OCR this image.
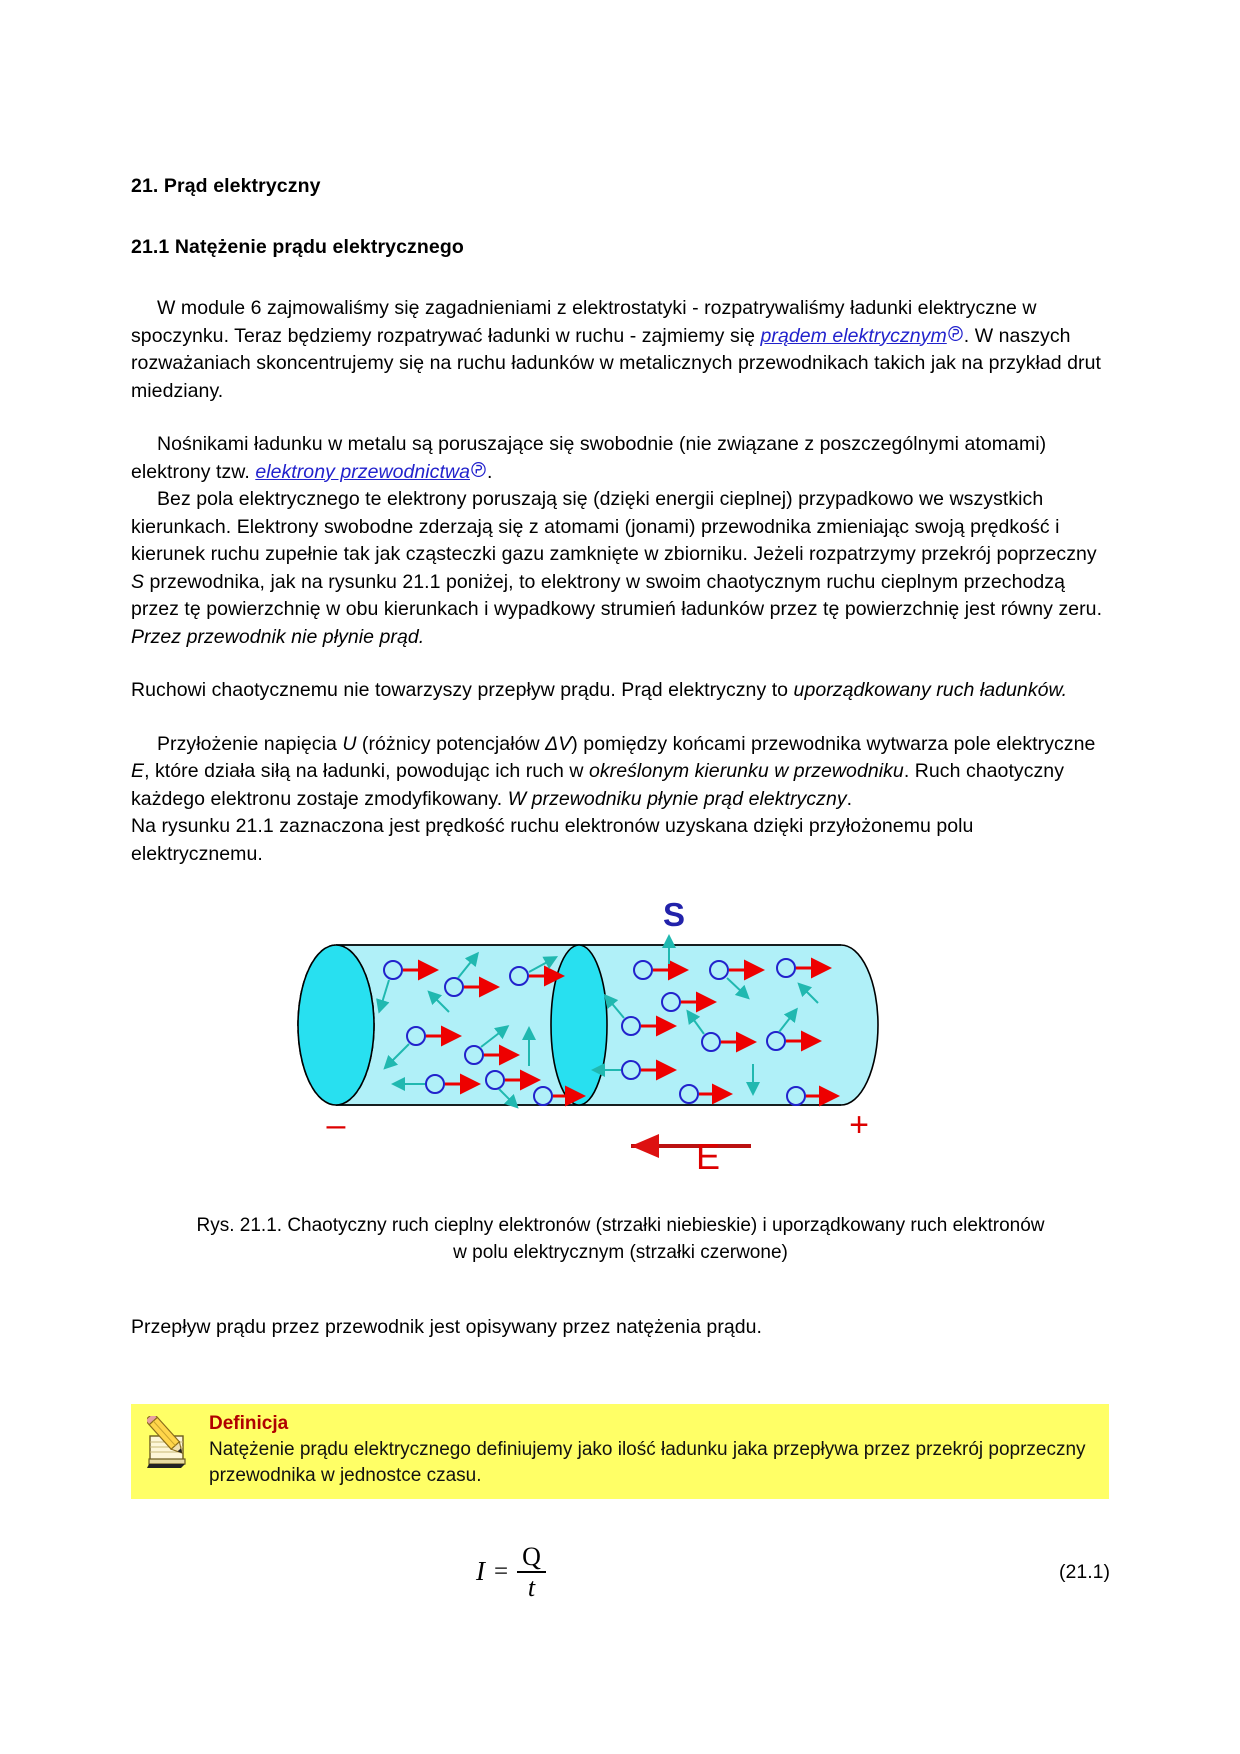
21. Prąd elektryczny
21.1 Natężenie prądu elektrycznego

W module 6 zajmowaliśmy się zagadnieniami z elektrostatyki - rozpatrywaliśmy ładunki elektryczne w spoczynku. Teraz będziemy rozpatrywać ładunki w ruchu - zajmiemy się prądem elektrycznym . W naszych rozważaniach skoncentrujemy się na ruchu ładunków w metalicznych przewodnikach takich jak na przykład drut miedziany.

Nośnikami ładunku w metalu są poruszające się swobodnie (nie związane z poszczególnymi atomami) elektrony tzw. elektrony przewodnictwa .

Bez pola elektrycznego te elektrony poruszają się (dzięki energii cieplnej) przypadkowo we wszystkich kierunkach. Elektrony swobodne zderzają się z atomami (jonami) przewodnika zmieniając swoją prędkość i kierunek ruchu zupełnie tak jak cząsteczki gazu zamknięte w zbiorniku. Jeżeli rozpatrzymy przekrój poprzeczny S przewodnika, jak na rysunku 21.1 poniżej, to elektrony w swoim chaotycznym ruchu cieplnym przechodzą przez tę powierzchnię w obu kierunkach i wypadkowy strumień ładunków przez tę powierzchnię jest równy zeru. Przez przewodnik nie płynie prąd.

Ruchowi chaotycznemu nie towarzyszy przepływ prądu. Prąd elektryczny to uporządkowany ruch ładunków.

Przyłożenie napięcia U (różnicy potencjałów ΔV) pomiędzy końcami przewodnika wytwarza pole elektryczne E, które działa siłą na ładunki, powodując ich ruch w określonym kierunku w przewodniku. Ruch chaotyczny każdego elektronu zostaje zmodyfikowany. W przewodniku płynie prąd elektryczny.
Na rysunku 21.1 zaznaczona jest prędkość ruchu elektronów uzyskana dzięki przyłożonemu polu elektrycznemu.

–	+
S
E
Rys. 21.1. Chaotyczny ruch cieplny elektronów (strzałki niebieskie) i uporządkowany ruch elektronów
w polu elektrycznym (strzałki czerwone)

Przepływ prądu przez przewodnik jest opisywany przez natężenia prądu.

Definicja
Natężenie prądu elektrycznego definiujemy jako ilość ładunku jaka przepływa przez przekrój poprzeczny przewodnika w jednostce czasu.
$I = \frac{Q}{t}$	(21.1)
